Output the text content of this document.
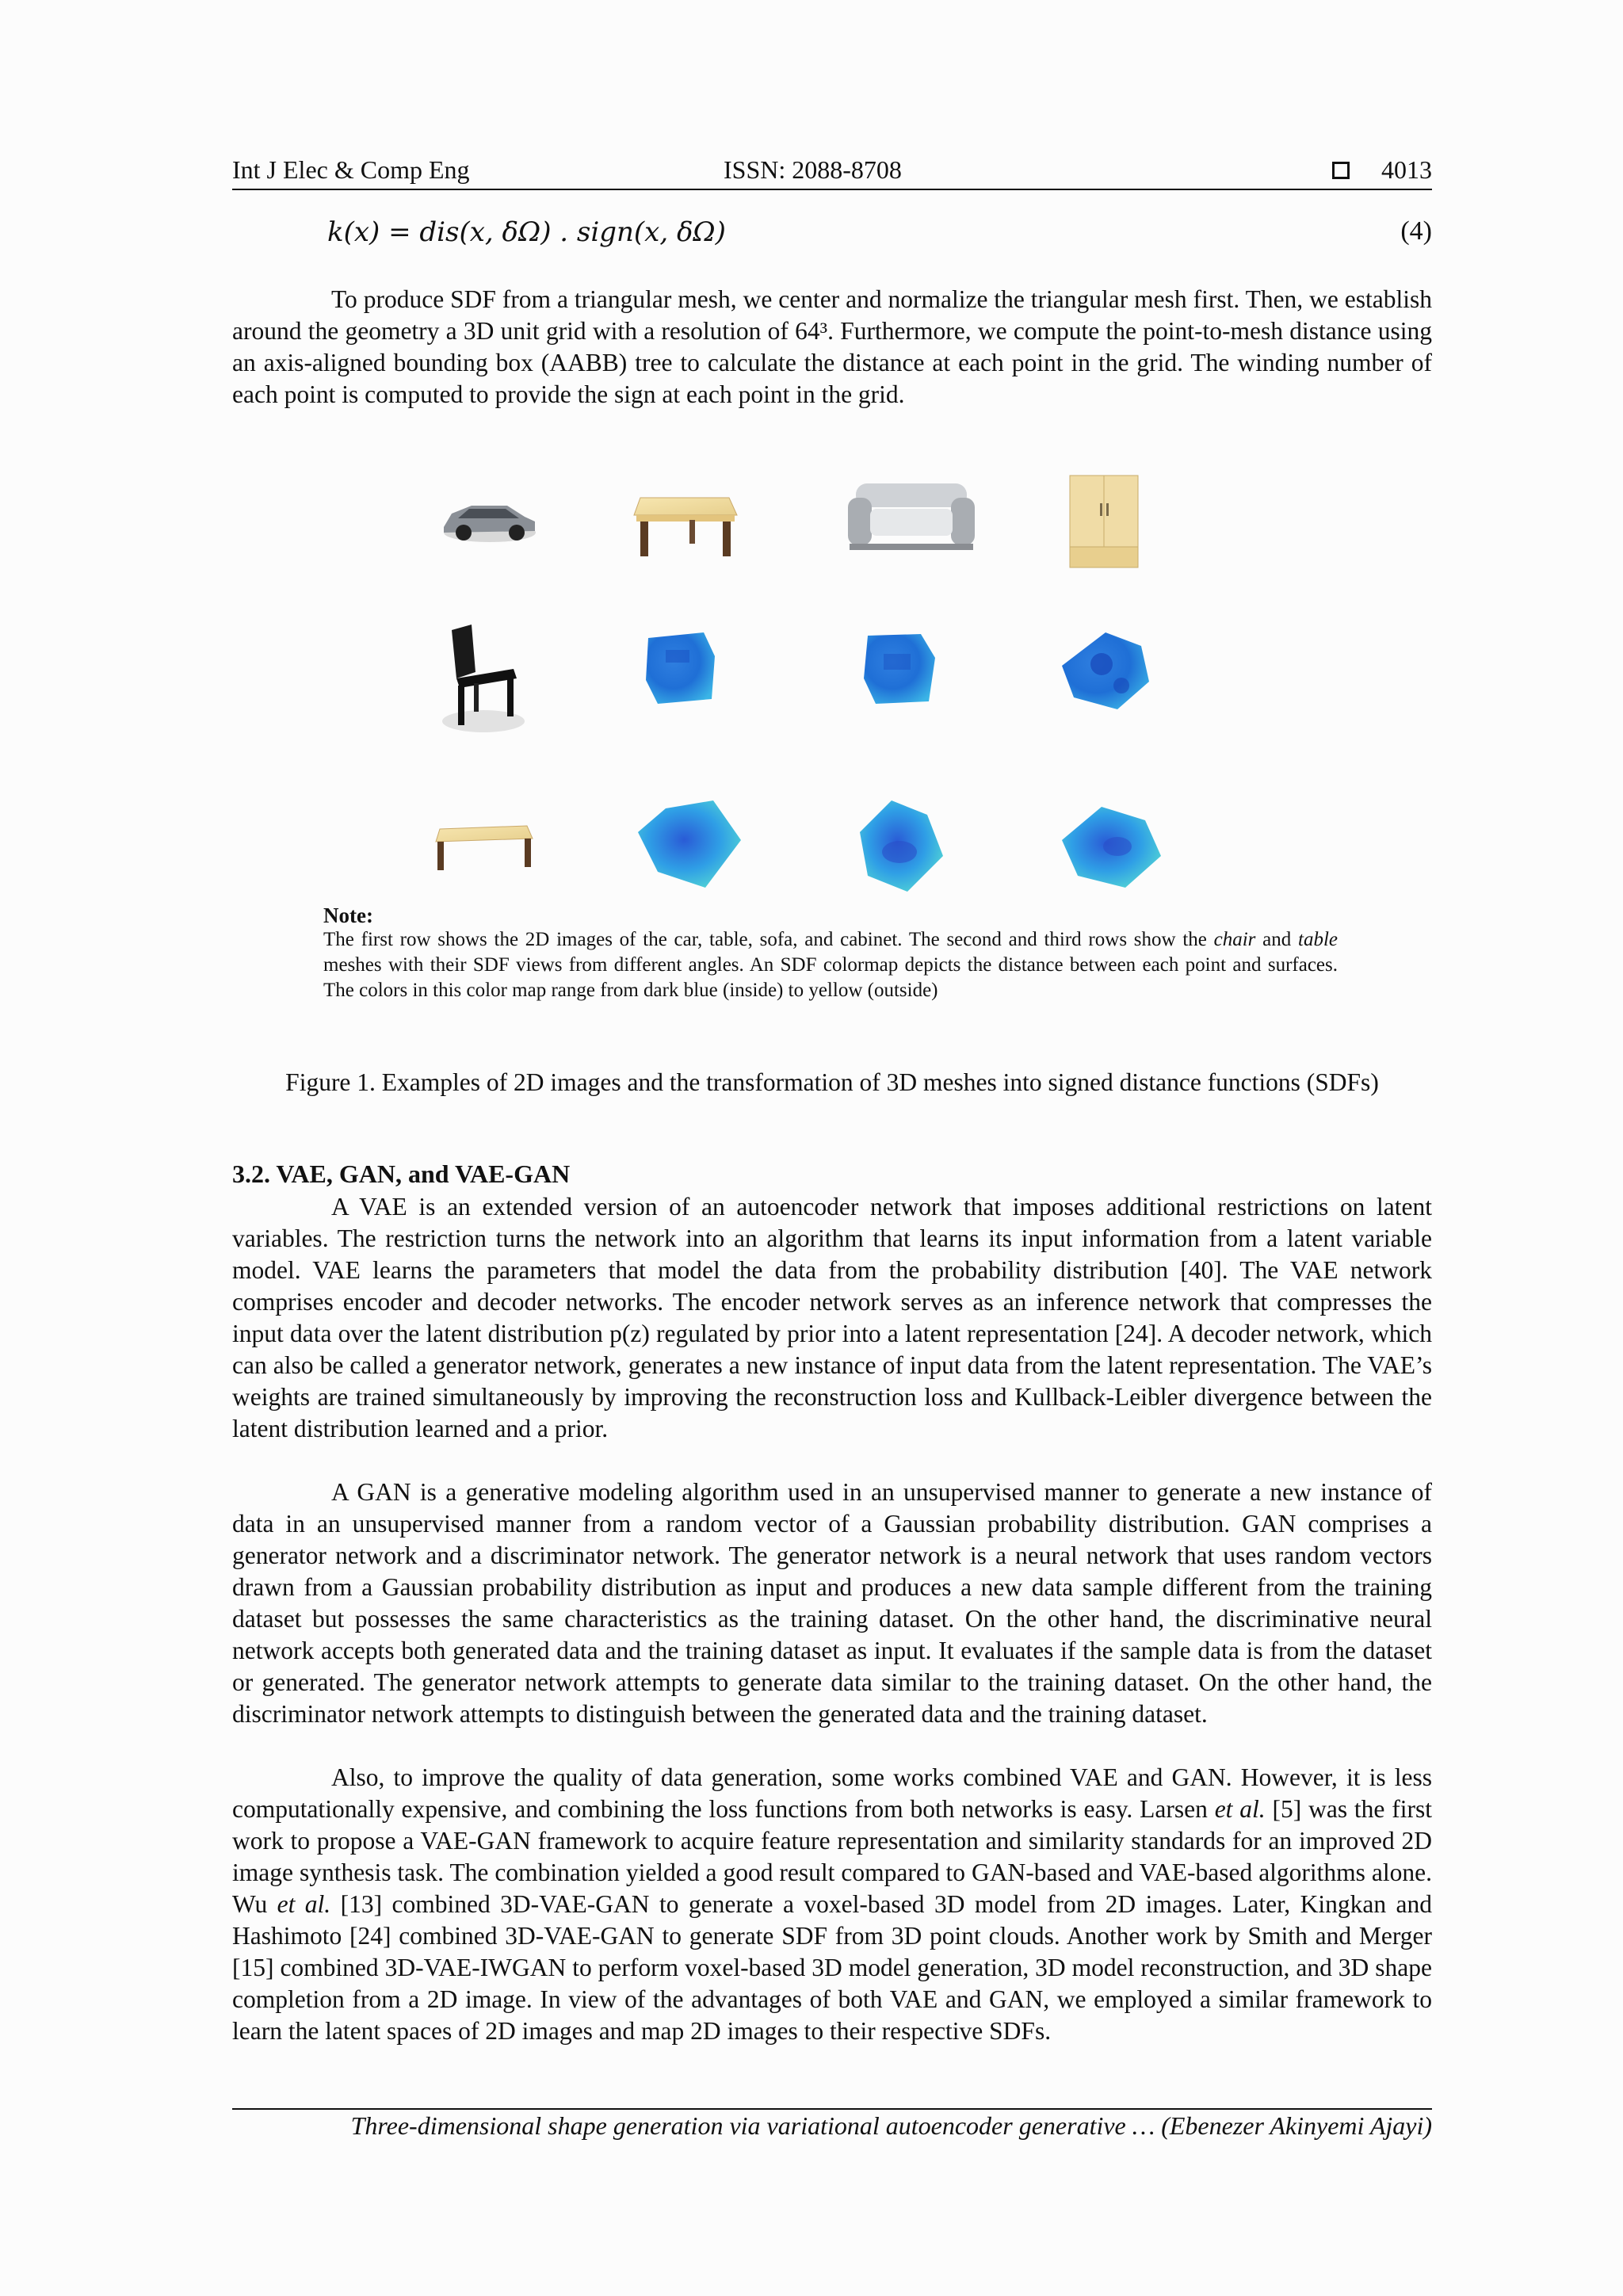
Int J Elec & Comp Eng	ISSN: 2088-8708	4013
k(x) = dis(x, δΩ) . sign(x, δΩ)	(4)
To produce SDF from a triangular mesh, we center and normalize the triangular mesh first. Then, we establish around the geometry a 3D unit grid with a resolution of 64³. Furthermore, we compute the point-to-mesh distance using an axis-aligned bounding box (AABB) tree to calculate the distance at each point in the grid. The winding number of each point is computed to provide the sign at each point in the grid.
Note:
The first row shows the 2D images of the car, table, sofa, and cabinet. The second and third rows show the chair and table meshes with their SDF views from different angles. An SDF colormap depicts the distance between each point and surfaces. The colors in this color map range from dark blue (inside) to yellow (outside)
Figure 1. Examples of 2D images and the transformation of 3D meshes into signed distance functions (SDFs)
3.2. VAE, GAN, and VAE-GAN
A VAE is an extended version of an autoencoder network that imposes additional restrictions on latent variables. The restriction turns the network into an algorithm that learns its input information from a latent variable model. VAE learns the parameters that model the data from the probability distribution [40]. The VAE network comprises encoder and decoder networks. The encoder network serves as an inference network that compresses the input data over the latent distribution p(z) regulated by prior into a latent representation [24]. A decoder network, which can also be called a generator network, generates a new instance of input data from the latent representation. The VAE’s weights are trained simultaneously by improving the reconstruction loss and Kullback-Leibler divergence between the latent distribution learned and a prior.
A GAN is a generative modeling algorithm used in an unsupervised manner to generate a new instance of data in an unsupervised manner from a random vector of a Gaussian probability distribution. GAN comprises a generator network and a discriminator network. The generator network is a neural network that uses random vectors drawn from a Gaussian probability distribution as input and produces a new data sample different from the training dataset but possesses the same characteristics as the training dataset. On the other hand, the discriminative neural network accepts both generated data and the training dataset as input. It evaluates if the sample data is from the dataset or generated. The generator network attempts to generate data similar to the training dataset. On the other hand, the discriminator network attempts to distinguish between the generated data and the training dataset.
Also, to improve the quality of data generation, some works combined VAE and GAN. However, it is less computationally expensive, and combining the loss functions from both networks is easy. Larsen et al. [5] was the first work to propose a VAE-GAN framework to acquire feature representation and similarity standards for an improved 2D image synthesis task. The combination yielded a good result compared to GAN-based and VAE-based algorithms alone. Wu et al. [13] combined 3D-VAE-GAN to generate a voxel-based 3D model from 2D images. Later, Kingkan and Hashimoto [24] combined 3D-VAE-GAN to generate SDF from 3D point clouds. Another work by Smith and Merger [15] combined 3D-VAE-IWGAN to perform voxel-based 3D model generation, 3D model reconstruction, and 3D shape completion from a 2D image. In view of the advantages of both VAE and GAN, we employed a similar framework to learn the latent spaces of 2D images and map 2D images to their respective SDFs.
Three-dimensional shape generation via variational autoencoder generative … (Ebenezer Akinyemi Ajayi)
